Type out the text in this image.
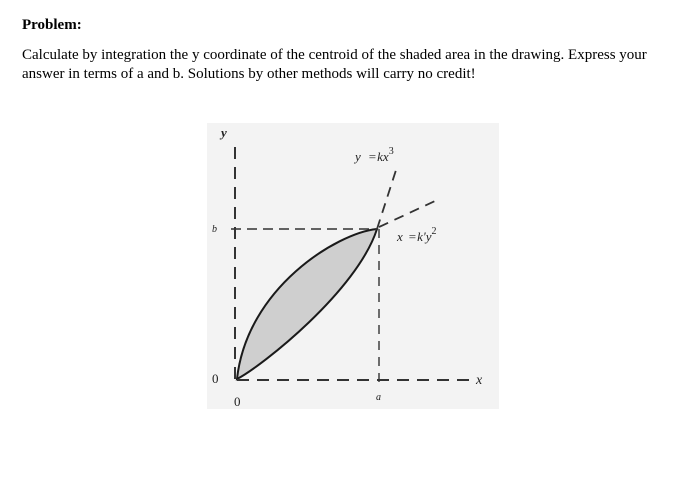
Problem:
Calculate by integration the y coordinate of the centroid of the shaded area in the drawing. Express your answer in terms of a and b. Solutions by other methods will carry no credit!
y
b
0
0	a
x
$y =kx^3$
$x =k'y^2$
